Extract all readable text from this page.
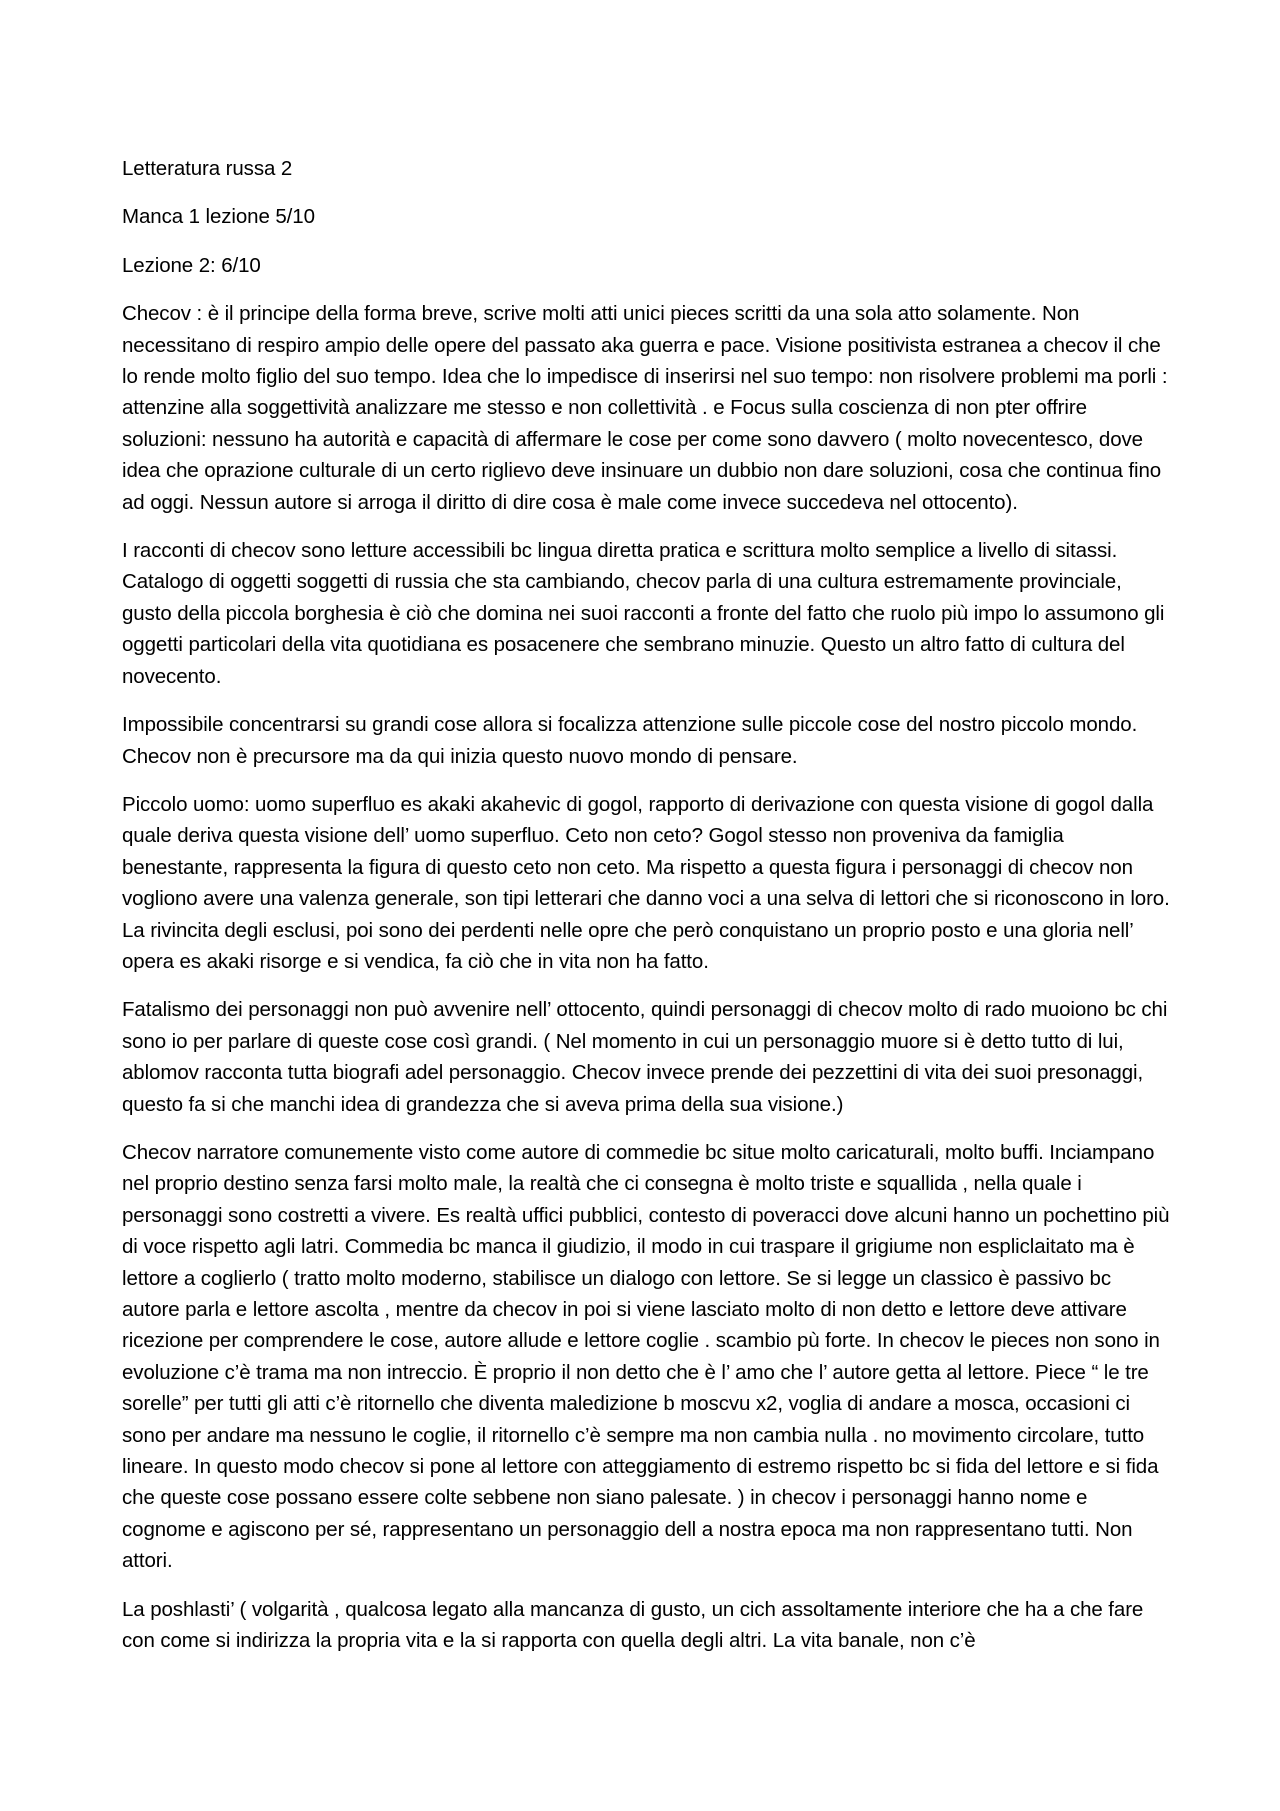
Letteratura russa 2

Manca 1 lezione 5/10

Lezione 2: 6/10

Checov : è il principe della forma breve, scrive molti atti unici pieces scritti da una sola atto solamente. Non necessitano di respiro ampio delle opere del passato aka guerra e pace. Visione positivista estranea a checov il che lo rende molto figlio del suo tempo. Idea che lo impedisce di inserirsi nel suo tempo: non risolvere problemi ma porli : attenzine alla soggettività analizzare me stesso e non collettività . e Focus sulla coscienza di non pter offrire soluzioni: nessuno ha autorità e capacità di affermare le cose per come sono davvero ( molto novecentesco, dove idea che oprazione culturale di un certo riglievo deve insinuare un dubbio non dare soluzioni, cosa che continua fino ad oggi. Nessun autore si arroga il diritto di dire cosa è male come invece succedeva nel ottocento).

I racconti di checov sono letture accessibili bc lingua diretta pratica e scrittura molto semplice a livello di sitassi. Catalogo di oggetti soggetti di russia che sta cambiando, checov parla di una cultura estremamente provinciale, gusto della piccola borghesia è ciò che domina nei suoi racconti a fronte del fatto che ruolo più impo lo assumono gli oggetti particolari della vita quotidiana es posacenere che sembrano minuzie. Questo un altro fatto di cultura del novecento.

Impossibile concentrarsi su grandi cose allora si focalizza attenzione sulle piccole cose del nostro piccolo mondo. Checov non è precursore ma da qui inizia questo nuovo mondo di pensare.

Piccolo uomo: uomo superfluo es akaki akahevic di gogol, rapporto di derivazione con questa visione di gogol dalla quale deriva questa visione dell’ uomo superfluo. Ceto non ceto? Gogol stesso non proveniva da famiglia benestante, rappresenta la figura di questo ceto non ceto. Ma rispetto a questa figura i personaggi di checov non vogliono avere una valenza generale, son tipi letterari che danno voci a una selva di lettori che si riconoscono in loro. La rivincita degli esclusi, poi sono dei perdenti nelle opre che però conquistano un proprio posto e una gloria nell’ opera es akaki risorge e si vendica, fa ciò che in vita non ha fatto.

Fatalismo dei personaggi non può avvenire nell’ ottocento, quindi personaggi di checov molto di rado muoiono bc chi sono io per parlare di queste cose così grandi. ( Nel momento in cui un personaggio muore si è detto tutto di lui, ablomov racconta tutta biografi adel personaggio. Checov invece prende dei pezzettini di vita dei suoi presonaggi, questo fa si che manchi idea di grandezza che si aveva prima della sua visione.)

Checov narratore comunemente visto come autore di commedie bc situe molto caricaturali, molto buffi. Inciampano nel proprio destino senza farsi molto male, la realtà che ci consegna è molto triste e squallida , nella quale i personaggi sono costretti a vivere. Es realtà uffici pubblici, contesto di poveracci dove alcuni hanno un pochettino più di voce rispetto agli latri. Commedia bc manca il giudizio, il modo in cui traspare il grigiume non espliclaitato ma è lettore a coglierlo ( tratto molto moderno, stabilisce un dialogo con lettore. Se si legge un classico è passivo bc autore parla e lettore ascolta , mentre da checov in poi si viene lasciato molto di non detto e lettore deve attivare ricezione per comprendere le cose, autore allude e lettore coglie . scambio pù forte. In checov le pieces non sono in evoluzione c’è trama ma non intreccio. È proprio il non detto che è l’ amo che l’ autore getta al lettore. Piece “ le tre sorelle” per tutti gli atti c’è ritornello che diventa maledizione b moscvu x2, voglia di andare a mosca, occasioni ci sono per andare ma nessuno le coglie, il ritornello c’è sempre ma non cambia nulla . no movimento circolare, tutto lineare. In questo modo checov si pone al lettore con atteggiamento di estremo rispetto bc si fida del lettore e si fida che queste cose possano essere colte sebbene non siano palesate. ) in checov i personaggi hanno nome e cognome e agiscono per sé, rappresentano un personaggio dell a nostra epoca ma non rappresentano tutti. Non attori.

La poshlasti’ ( volgarità , qualcosa legato alla mancanza di gusto, un cich assoltamente interiore che ha a che fare con come si indirizza la propria vita e la si rapporta con quella degli altri. La vita banale, non c’è
